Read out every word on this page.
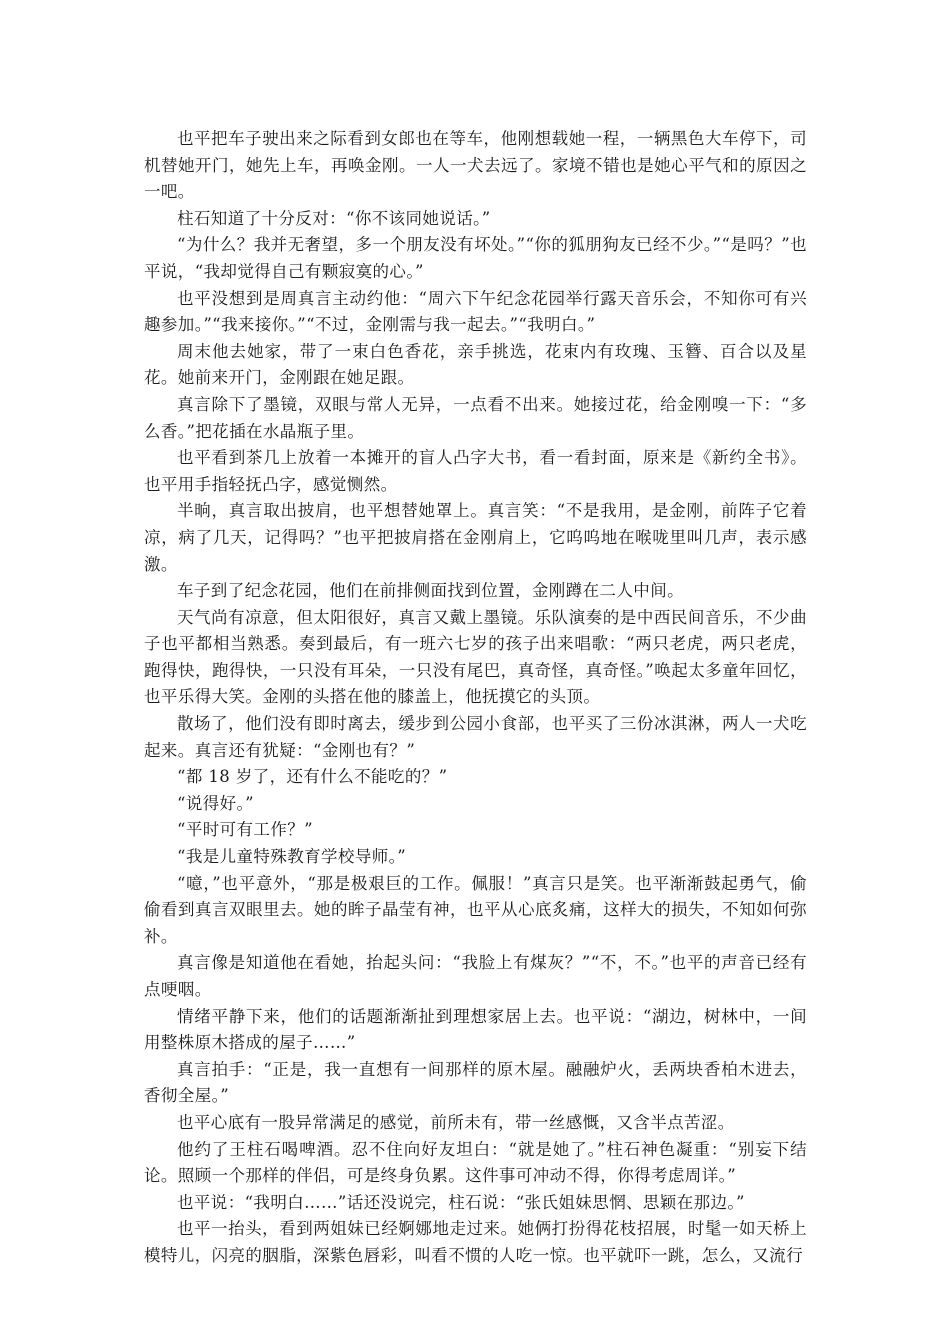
也平把车子驶出来之际看到女郎也在等车，他刚想载她一程，一辆黑色大车停下，司机替她开门，她先上车，再唤金刚。一人一犬去远了。家境不错也是她心平气和的原因之一吧。

柱石知道了十分反对：“你不该同她说话。”

“为什么？我并无奢望，多一个朋友没有坏处。”“你的狐朋狗友已经不少。”“是吗？”也平说，“我却觉得自己有颗寂寞的心。”

也平没想到是周真言主动约他：“周六下午纪念花园举行露天音乐会，不知你可有兴趣参加。”“我来接你。”“不过，金刚需与我一起去。”“我明白。”

周末他去她家，带了一束白色香花，亲手挑选，花束内有玫瑰、玉簪、百合以及星花。她前来开门，金刚跟在她足跟。

真言除下了墨镜，双眼与常人无异，一点看不出来。她接过花，给金刚嗅一下：“多么香。”把花插在水晶瓶子里。

也平看到茶几上放着一本摊开的盲人凸字大书，看一看封面，原来是《新约全书》。也平用手指轻抚凸字，感觉恻然。

半晌，真言取出披肩，也平想替她罩上。真言笑：“不是我用，是金刚，前阵子它着凉，病了几天，记得吗？”也平把披肩搭在金刚肩上，它呜呜地在喉咙里叫几声，表示感激。

车子到了纪念花园，他们在前排侧面找到位置，金刚蹲在二人中间。

天气尚有凉意，但太阳很好，真言又戴上墨镜。乐队演奏的是中西民间音乐，不少曲子也平都相当熟悉。奏到最后，有一班六七岁的孩子出来唱歌：“两只老虎，两只老虎，跑得快，跑得快，一只没有耳朵，一只没有尾巴，真奇怪，真奇怪。”唤起太多童年回忆，也平乐得大笑。金刚的头搭在他的膝盖上，他抚摸它的头顶。

散场了，他们没有即时离去，缓步到公园小食部，也平买了三份冰淇淋，两人一犬吃起来。真言还有犹疑：“金刚也有？”

“都 18 岁了，还有什么不能吃的？”

“说得好。”

“平时可有工作？”

“我是儿童特殊教育学校导师。”

“噫，”也平意外，“那是极艰巨的工作。佩服！”真言只是笑。也平渐渐鼓起勇气，偷偷看到真言双眼里去。她的眸子晶莹有神，也平从心底炙痛，这样大的损失，不知如何弥补。

真言像是知道他在看她，抬起头问：“我脸上有煤灰？”“不，不。”也平的声音已经有点哽咽。

情绪平静下来，他们的话题渐渐扯到理想家居上去。也平说：“湖边，树林中，一间用整株原木搭成的屋子……”

真言拍手：“正是，我一直想有一间那样的原木屋。融融炉火，丢两块香柏木进去，香彻全屋。”

也平心底有一股异常满足的感觉，前所未有，带一丝感慨，又含半点苦涩。

他约了王柱石喝啤酒。忍不住向好友坦白：“就是她了。”柱石神色凝重：“别妄下结论。照顾一个那样的伴侣，可是终身负累。这件事可冲动不得，你得考虑周详。”

也平说：“我明白……”话还没说完，柱石说：“张氏姐妹思惘、思颖在那边。”

也平一抬头，看到两姐妹已经婀娜地走过来。她俩打扮得花枝招展，时髦一如天桥上模特儿，闪亮的胭脂，深紫色唇彩，叫看不惯的人吃一惊。也平就吓一跳，怎么，又流行
